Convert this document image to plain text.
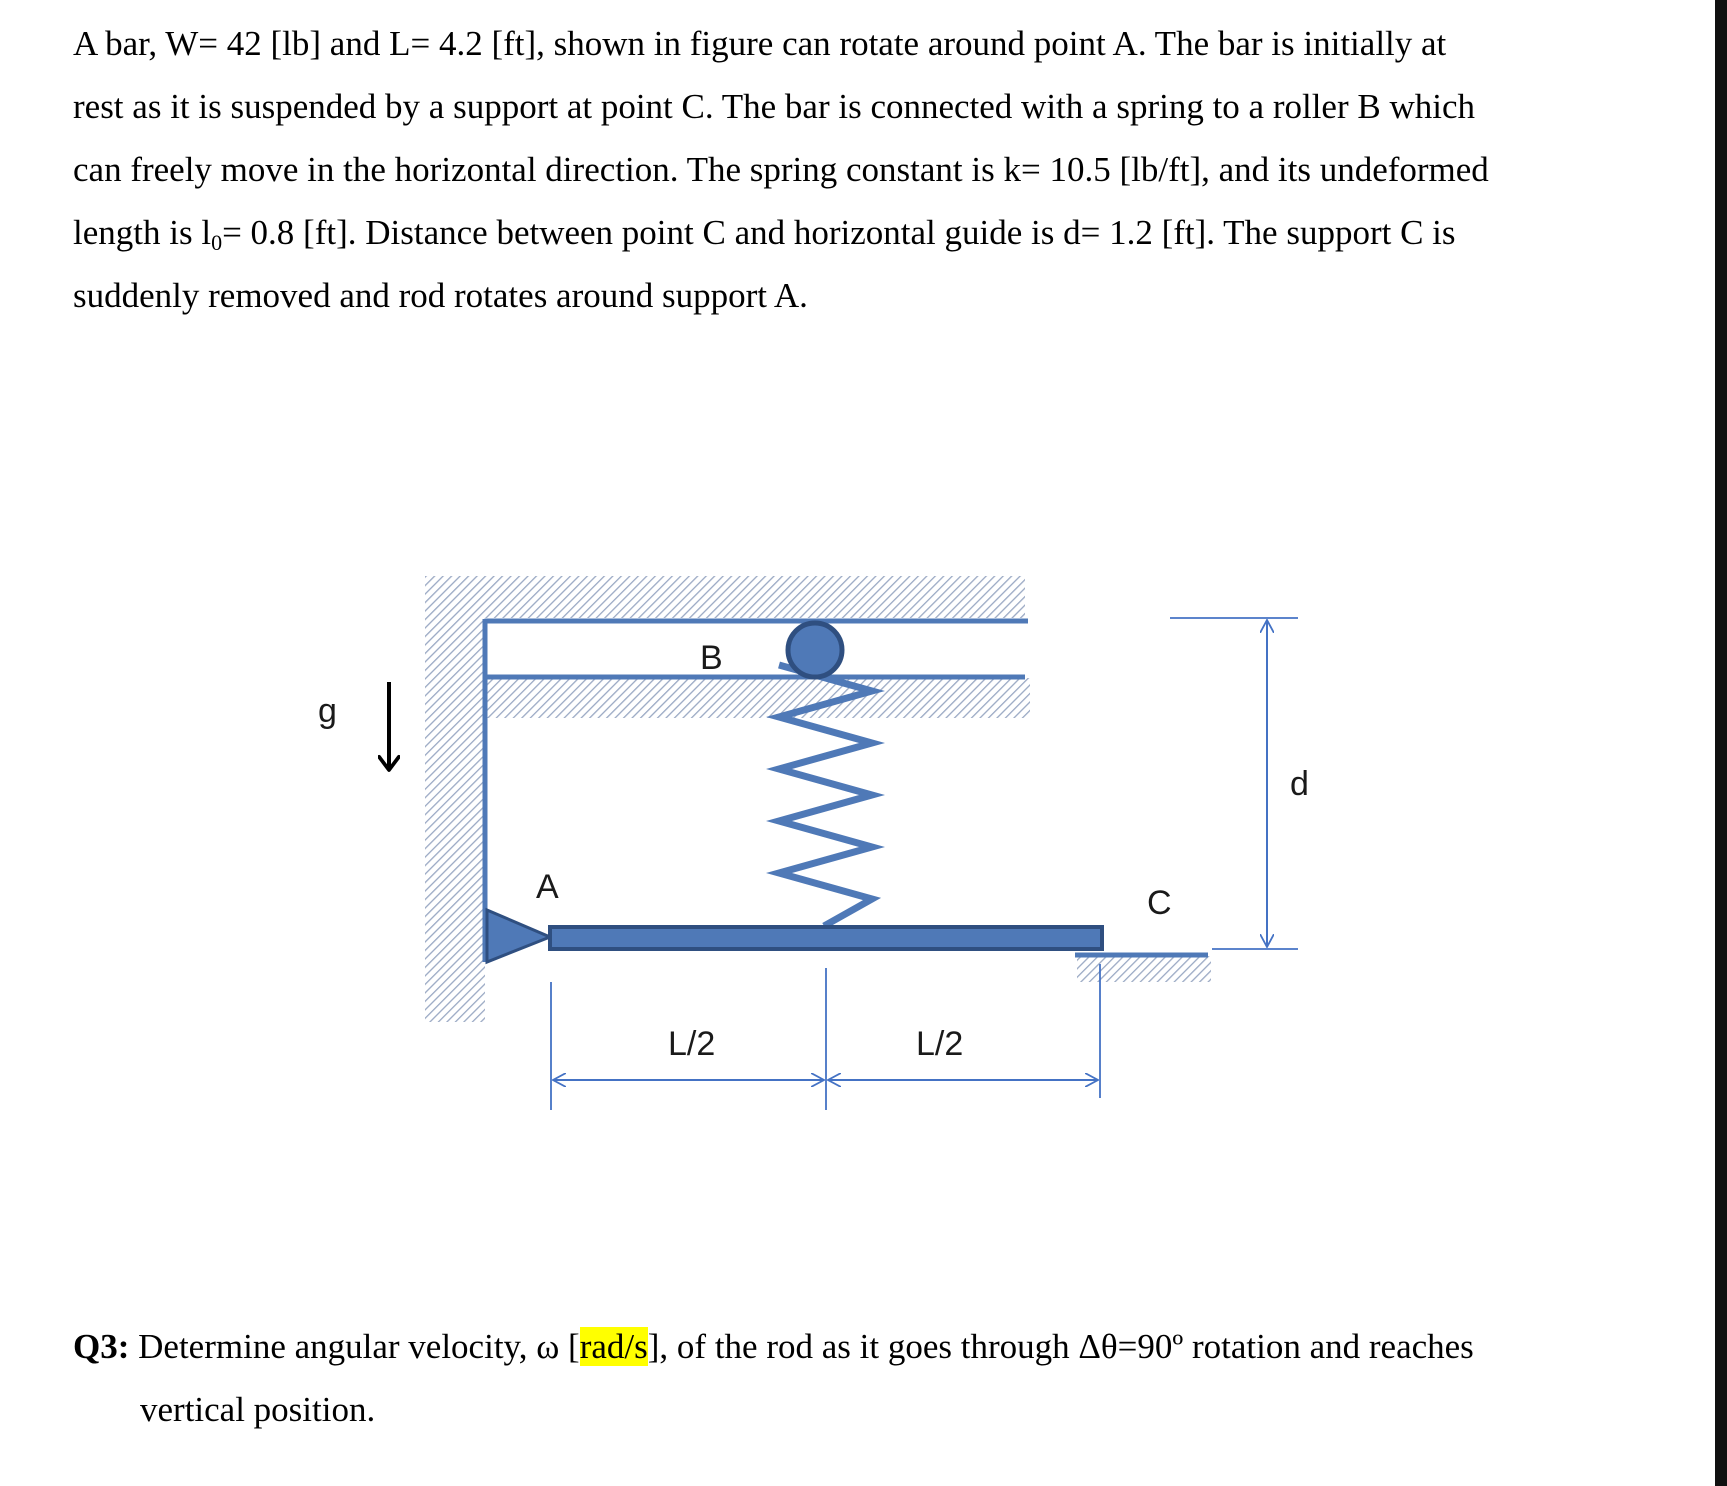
A bar, W= 42 [lb] and L= 4.2 [ft], shown in figure can rotate around point A. The bar is initially at

rest as it is suspended by a support at point C. The bar is connected with a spring to a roller B which

can freely move in the horizontal direction. The spring constant is k= 10.5 [lb/ft], and its undeformed

length is $l_0= 0.8$ [ft]. Distance between point C and horizontal guide is d= 1.2 [ft]. The support C is

suddenly removed and rod rotates around support A.

g
A
B
C
d
L/2	L/2

Q3: Determine angular velocity, ω [rad/s], of the rod as it goes through Δθ=90º rotation and reaches

vertical position.
